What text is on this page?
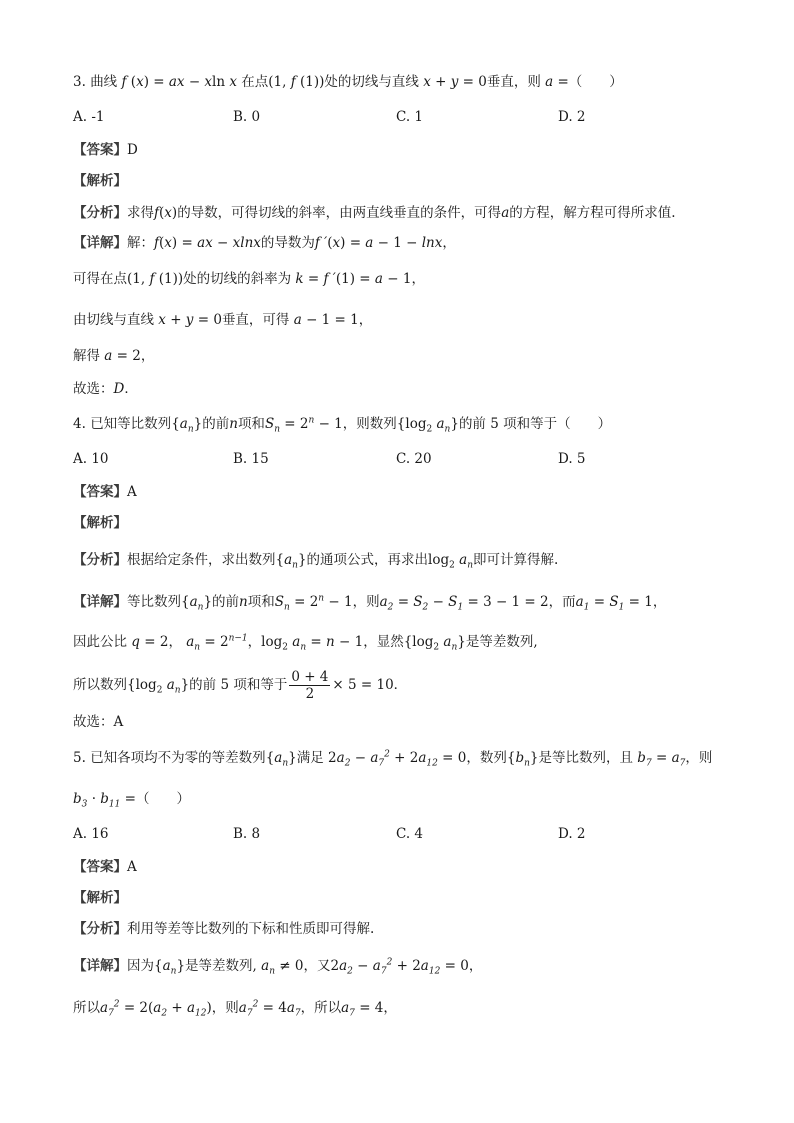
3. 曲线 f (x) = ax − xln x 在点(1, f (1))处的切线与直线 x + y = 0垂直，则 a =（　　）
A. -1	B. 0	C. 1	D. 2
【答案】D
【解析】
【分析】求得f(x)的导数，可得切线的斜率，由两直线垂直的条件，可得a的方程，解方程可得所求值.
【详解】解：f(x) = ax − xlnx的导数为f ′(x) = a − 1 − lnx，
可得在点(1, f (1))处的切线的斜率为 k = f ′(1) = a − 1，
由切线与直线 x + y = 0垂直，可得 a − 1 = 1，
解得 a = 2，
故选：D．
4. 已知等比数列$\{a_n\}$的前n项和$S_n = 2^n - 1$，则数列{$\log_2$ $a_n$}的前 5 项和等于（　　）
A. 10	B. 15	C. 20	D. 5
【答案】A
【解析】
【分析】根据给定条件，求出数列$\{a_n\}$的通项公式，再求出$\log_2 a_n$即可计算得解.
【详解】等比数列$\{a_n\}$的前n项和$S_n = 2^n - 1$，则$a_2 = S_2 - S_1 = 3 - 1 = 2$，而$a_1 = S_1 = 1$，
因此公比 q = 2， $a_n = 2^{n-1}$，$\log_2 a_n = n - 1$，显然{$\log_2$ $a_n$}是等差数列,
所以数列{$\log_2$ $a_n$}的前 5 项和等于 $\frac{0 + 4}{2} \times 5 = 10$．
故选：A
5. 已知各项均不为零的等差数列$\{a_n\}$满足 $2a_2 - a_7^2 + 2a_{12} = 0$，数列$\{b_n\}$是等比数列，且 $b_7 = a_7$，则
$b_3 \cdot b_{11}$ =（　　）
A. 16	B. 8	C. 4	D. 2
【答案】A
【解析】
【分析】利用等差等比数列的下标和性质即可得解.
【详解】因为$\{a_n\}$是等差数列, $a_n \ne 0$，又$2a_2 - a_7^2 + 2a_{12} = 0$，
所以$a_7^2 = 2(a_2 + a_{12})$，则$a_7^2 = 4a_7$，所以$a_7 = 4$，
